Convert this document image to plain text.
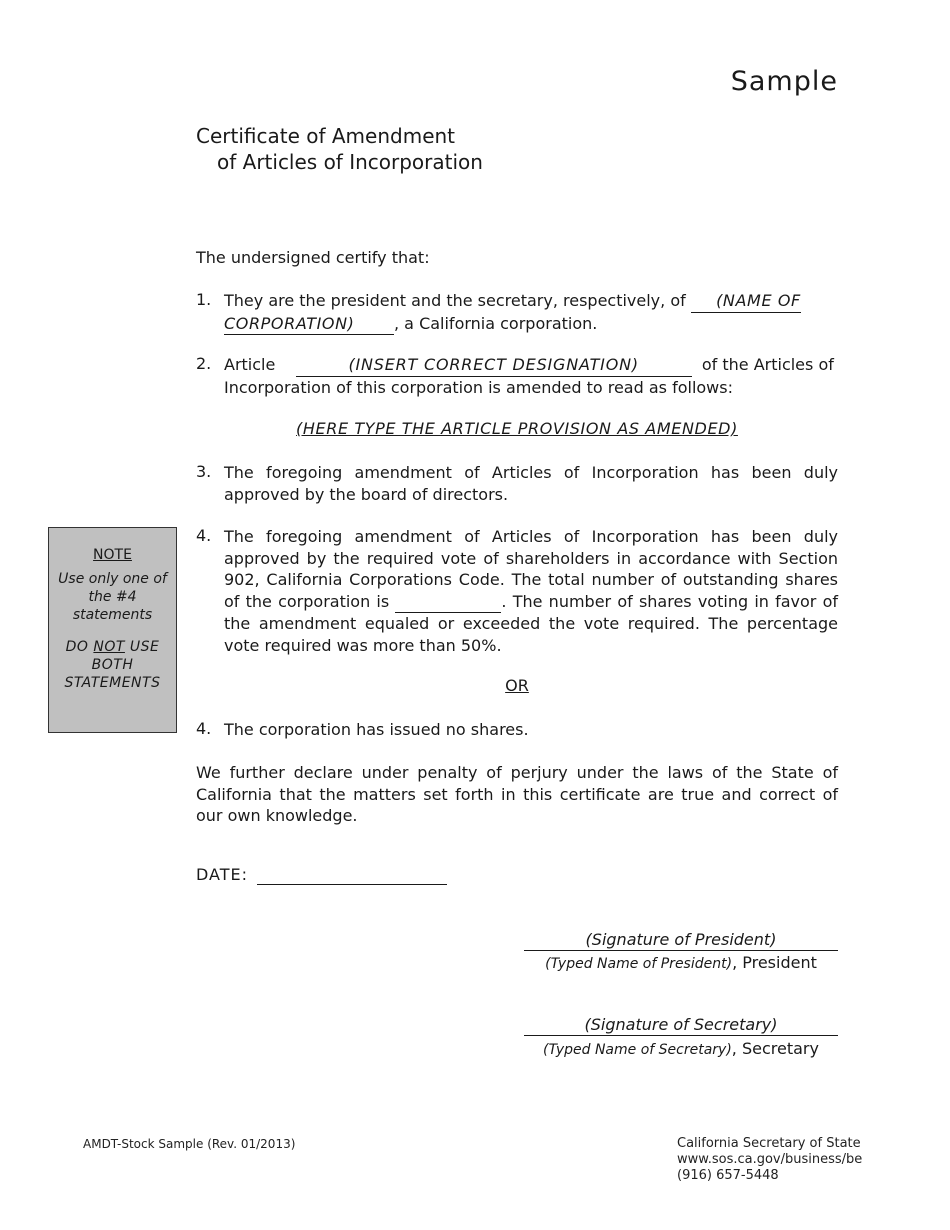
Sample
Certificate of Amendment
of Articles of Incorporation
The undersigned certify that:
1. They are the president and the secretary, respectively, of (NAME OF
CORPORATION) , a California corporation.
2. Article	(INSERT CORRECT DESIGNATION)	of the Articles of Incorporation of this corporation is amended to read as follows:
(HERE TYPE THE ARTICLE PROVISION AS AMENDED)
3. The foregoing amendment of Articles of Incorporation has been duly approved by the board of directors.
NOTE
Use only one of the #4 statements
DO NOT USE BOTH STATEMENTS
4. The foregoing amendment of Articles of Incorporation has been duly approved by the required vote of shareholders in accordance with Section 902, California Corporations Code. The total number of outstanding shares of the corporation is	. The number of shares voting in favor of the amendment equaled or exceeded the vote required. The percentage vote required was more than 50%.
OR
4. The corporation has issued no shares.
We further declare under penalty of perjury under the laws of the State of California that the matters set forth in this certificate are true and correct of our own knowledge.
DATE:
(Signature of President)
(Typed Name of President), President
(Signature of Secretary)
(Typed Name of Secretary), Secretary
AMDT-Stock Sample (Rev. 01/2013)	California Secretary of State
www.sos.ca.gov/business/be
(916) 657-5448
